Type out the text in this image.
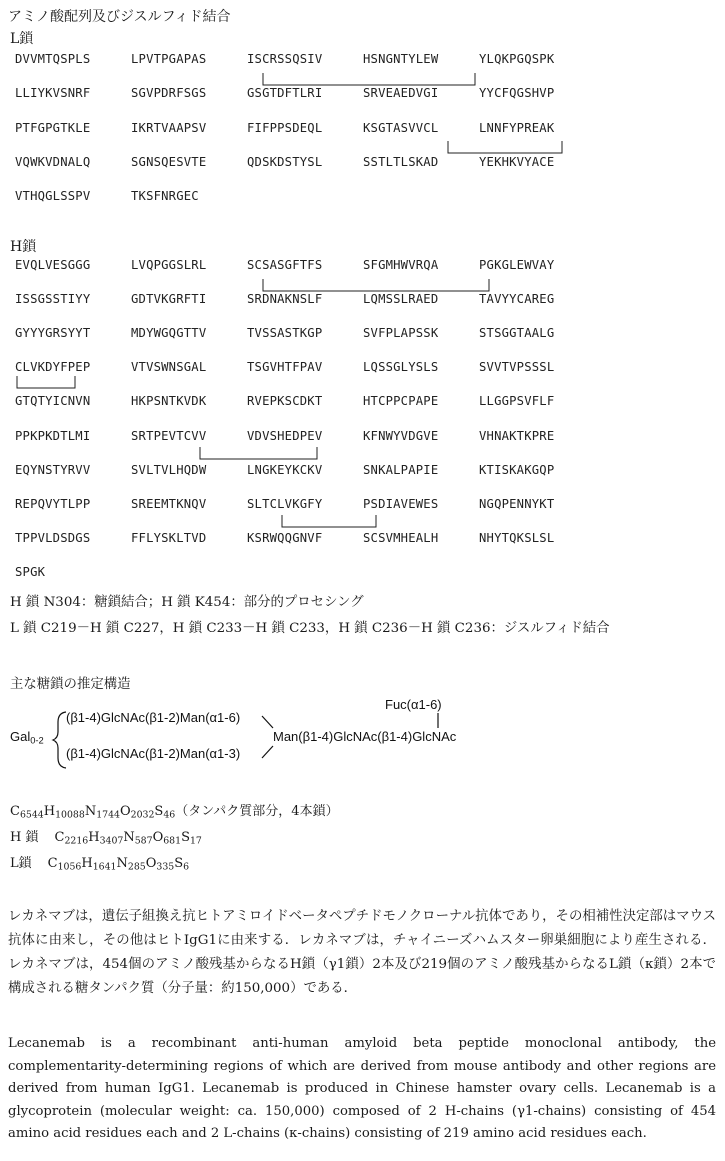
アミノ酸配列及びジスルフィド結合
L鎖
DVVMTQSPLS	LPVTPGAPAS	ISCRSSQSIV	HSNGNTYLEW	YLQKPGQSPK
LLIYKVSNRF	SGVPDRFSGS	GSGTDFTLRI	SRVEAEDVGI	YYCFQGSHVP
PTFGPGTKLE	IKRTVAAPSV	FIFPPSDEQL	KSGTASVVCL	LNNFYPREAK
VQWKVDNALQ	SGNSQESVTE	QDSKDSTYSL	SSTLTLSKAD	YEKHKVYACE
VTHQGLSSPV	TKSFNRGEC
H鎖
EVQLVESGGG	LVQPGGSLRL	SCSASGFTFS	SFGMHWVRQA	PGKGLEWVAY
ISSGSSTIYY	GDTVKGRFTI	SRDNAKNSLF	LQMSSLRAED	TAVYYCAREG
GYYYGRSYYT	MDYWGQGTTV	TVSSASTKGP	SVFPLAPSSK	STSGGTAALG
CLVKDYFPEP	VTVSWNSGAL	TSGVHTFPAV	LQSSGLYSLS	SVVTVPSSSL
GTQTYICNVN	HKPSNTKVDK	RVEPKSCDKT	HTCPPCPAPE	LLGGPSVFLF
PPKPKDTLMI	SRTPEVTCVV	VDVSHEDPEV	KFNWYVDGVE	VHNAKTKPRE
EQYNSTYRVV	SVLTVLHQDW	LNGKEYKCKV	SNKALPAPIE	KTISKAKGQP
REPQVYTLPP	SREEMTKNQV	SLTCLVKGFY	PSDIAVEWES	NGQPENNYKT
TPPVLDSDGS	FFLYSKLTVD	KSRWQQGNVF	SCSVMHEALH	NHYTQKSLSL
SPGK
H 鎖 N304：糖鎖結合；H 鎖 K454：部分的プロセシング
L 鎖 C219－H 鎖 C227，H 鎖 C233－H 鎖 C233，H 鎖 C236－H 鎖 C236：ジスルフィド結合
主な糖鎖の推定構造
Fuc(α1-6)
Gal$_{0-2}$
(β1-4)GlcNAc(β1-2)Man(α1-6)
(β1-4)GlcNAc(β1-2)Man(α1-3)
Man(β1-4)GlcNAc(β1-4)GlcNAc
$C_{6544}H_{10088}N_{1744}O_{2032}S_{46}$（タンパク質部分，4本鎖）
H 鎖 $C_{2216}H_{3407}N_{587}O_{681}S_{17}$
L鎖 $C_{1056}H_{1641}N_{285}O_{335}S_6$
レカネマブは，遺伝子組換え抗ヒトアミロイドベータペプチドモノクローナル抗体であり，その相補性決定部はマウス抗体に由来し，その他はヒトIgG1に由来する．レカネマブは，チャイニーズハムスター卵巣細胞により産生される．レカネマブは，454個のアミノ酸残基からなるH鎖（γ1鎖）2本及び219個のアミノ酸残基からなるL鎖（κ鎖）2本で構成される糖タンパク質（分子量：約150,000）である．
Lecanemab is a recombinant anti-human amyloid beta peptide monoclonal antibody, the complementarity-determining regions of which are derived from mouse antibody and other regions are derived from human IgG1. Lecanemab is produced in Chinese hamster ovary cells. Lecanemab is a glycoprotein (molecular weight: ca. 150,000) composed of 2 H-chains (γ1-chains) consisting of 454 amino acid residues each and 2 L-chains (κ-chains) consisting of 219 amino acid residues each.
